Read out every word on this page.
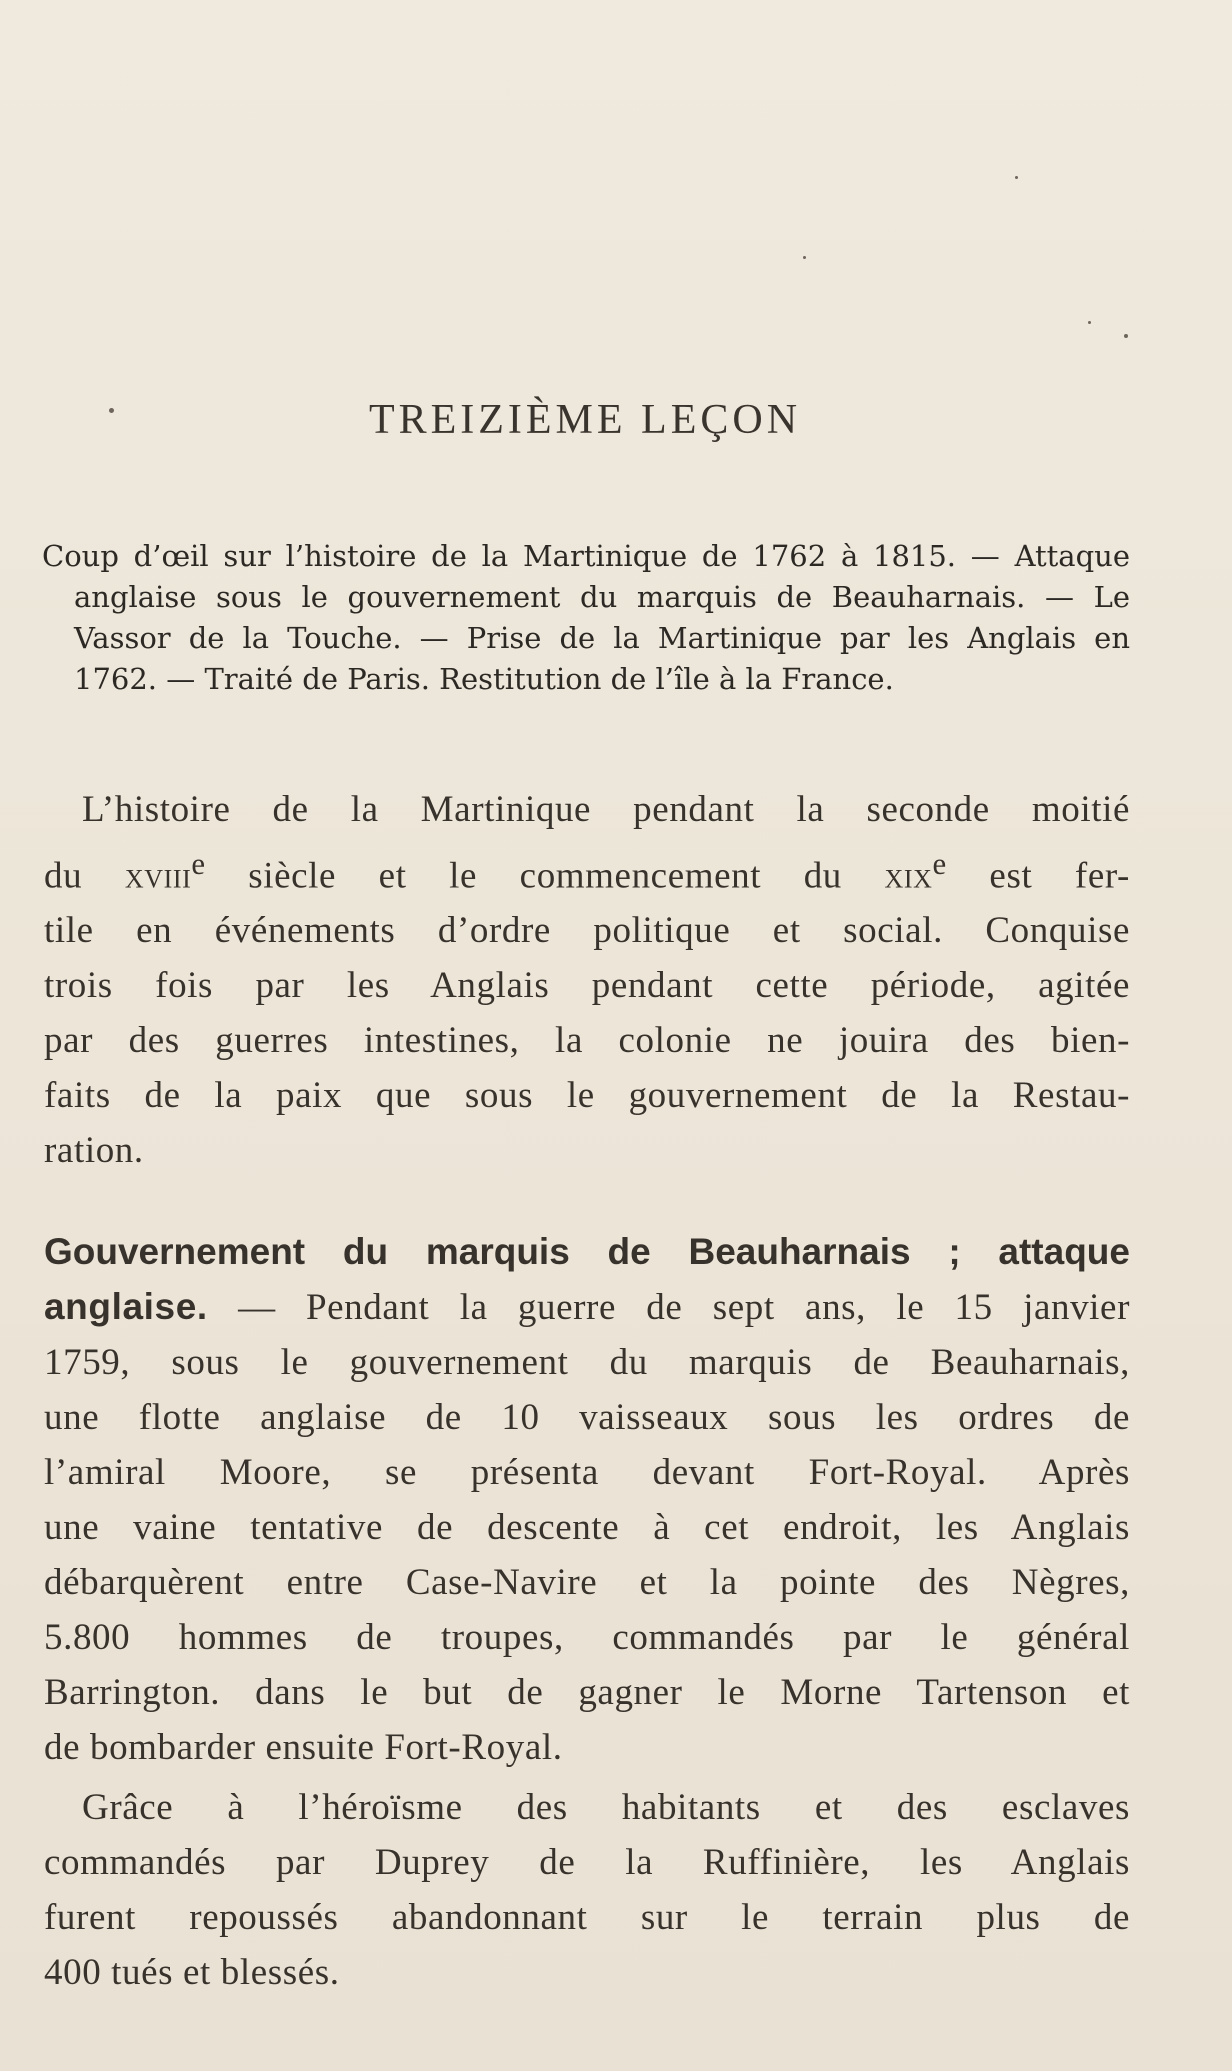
TREIZIÈME LEÇON
Coup d’œil sur l’histoire de la Martinique de 1762 à 1815. — Attaque
anglaise sous le gouvernement du marquis de Beauharnais. — Le
Vassor de la Touche. — Prise de la Martinique par les Anglais en
1762. — Traité de Paris. Restitution de l’île à la France.
L’histoire de la Martinique pendant la seconde moitié
du xviii$^e$ siècle et le commencement du xix$^e$ est fer-
tile en événements d’ordre politique et social. Conquise
trois fois par les Anglais pendant cette période, agitée
par des guerres intestines, la colonie ne jouira des bien-
faits de la paix que sous le gouvernement de la Restau-
ration.
Gouvernement du marquis de Beauharnais ; attaque
anglaise. — Pendant la guerre de sept ans, le 15 janvier
1759, sous le gouvernement du marquis de Beauharnais,
une flotte anglaise de 10 vaisseaux sous les ordres de
l’amiral Moore, se présenta devant Fort-Royal. Après
une vaine tentative de descente à cet endroit, les Anglais
débarquèrent entre Case-Navire et la pointe des Nègres,
5.800 hommes de troupes, commandés par le général
Barrington. dans le but de gagner le Morne Tartenson et
de bombarder ensuite Fort-Royal.
Grâce à l’héroïsme des habitants et des esclaves
commandés par Duprey de la Ruffinière, les Anglais
furent repoussés abandonnant sur le terrain plus de
400 tués et blessés.
